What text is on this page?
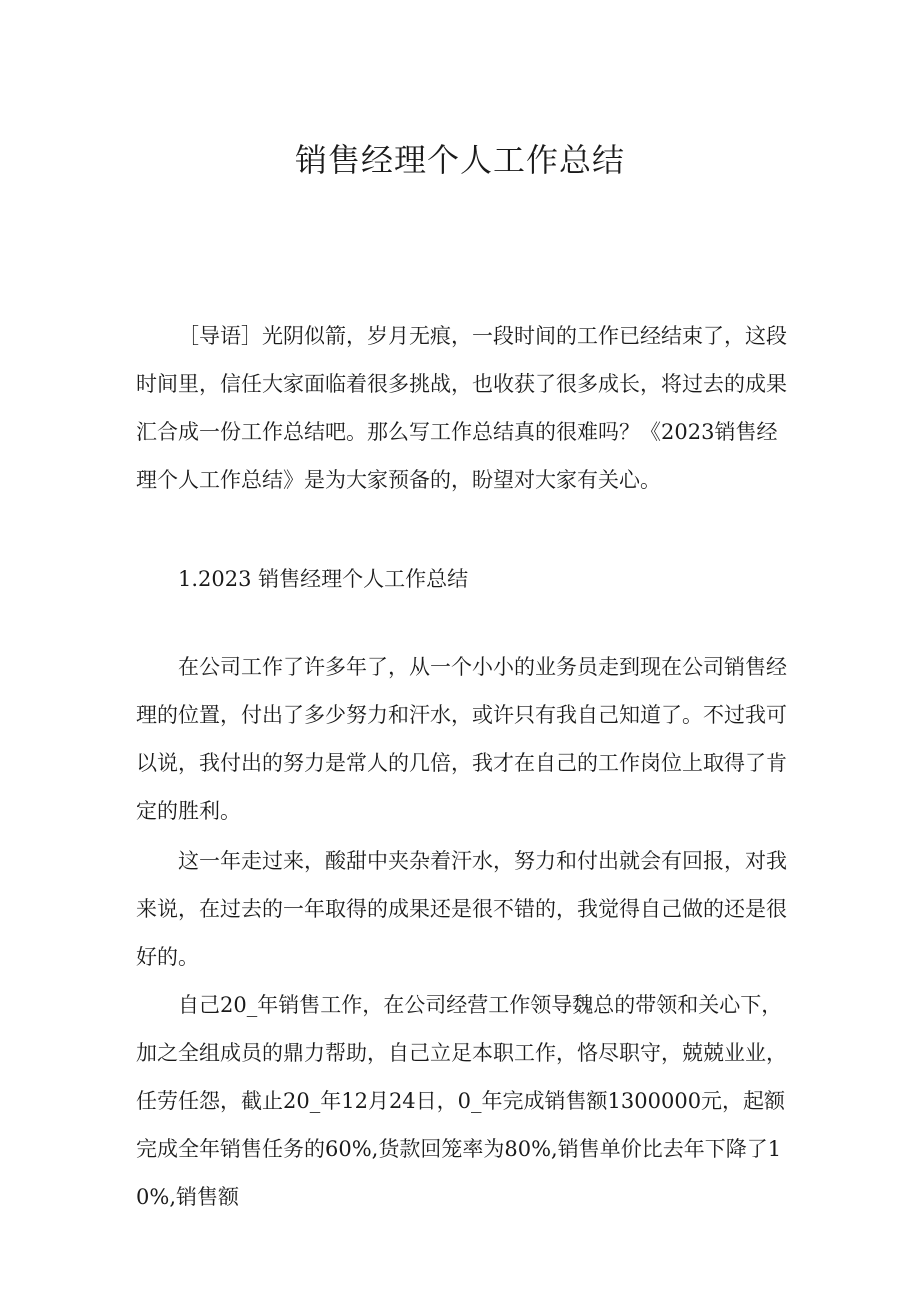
销售经理个人工作总结

［导语］光阴似箭，岁月无痕，一段时间的工作已经结束了，这段时间里，信任大家面临着很多挑战，也收获了很多成长，将过去的成果汇合成一份工作总结吧。那么写工作总结真的很难吗？《2023销售经理个人工作总结》是为大家预备的，盼望对大家有关心。

1.2023 销售经理个人工作总结

在公司工作了许多年了，从一个小小的业务员走到现在公司销售经理的位置，付出了多少努力和汗水，或许只有我自己知道了。不过我可以说，我付出的努力是常人的几倍，我才在自己的工作岗位上取得了肯定的胜利。

这一年走过来，酸甜中夹杂着汗水，努力和付出就会有回报，对我来说，在过去的一年取得的成果还是很不错的，我觉得自己做的还是很好的。

自己20_年销售工作，在公司经营工作领导魏总的带领和关心下，加之全组成员的鼎力帮助，自己立足本职工作，恪尽职守，兢兢业业，任劳任怨，截止20_年12月24日，0_年完成销售额1300000元，起额完成全年销售任务的60%,货款回笼率为80%,销售单价比去年下降了10%,销售额
